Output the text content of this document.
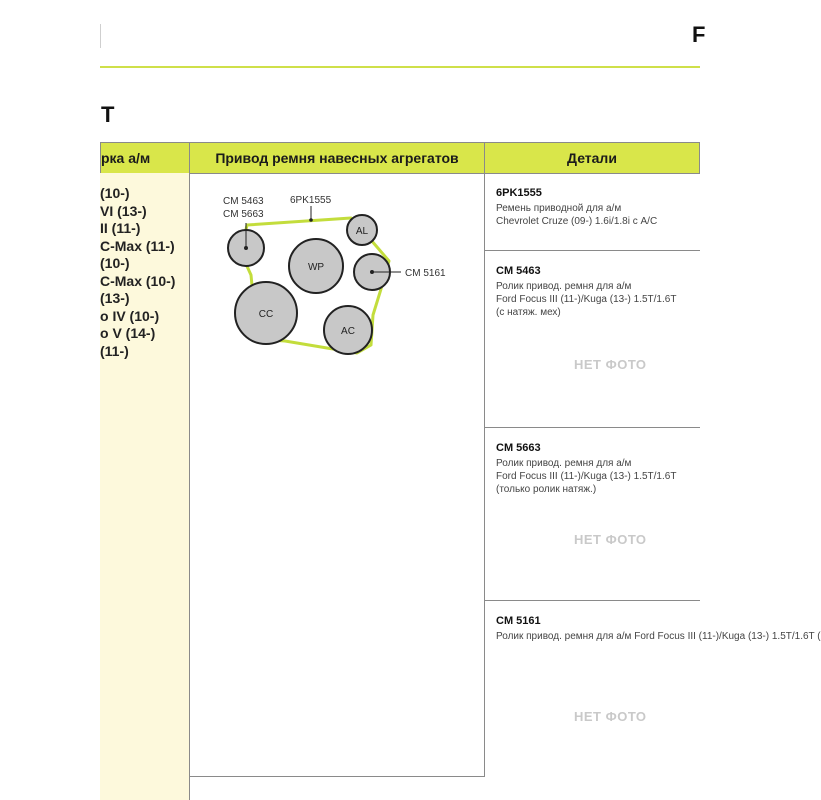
F
T
рка а/м	Привод ремня навесных агрегатов	Детали
(10-)
VI (13-)
II (11-)
C-Max (11-)
(10-)
C-Max (10-)
(13-)
o IV (10-)
o V (14-)
(11-)
AL
WP
CC
AC
CM 5463
CM 5663
6PK1555
CM 5161
6PK1555
Ремень приводной для а/м
Chevrolet Cruze (09-) 1.6i/1.8i с A/C
CM 5463
Ролик привод. ремня для а/м
Ford Focus III (11-)/Kuga (13-) 1.5T/1.6T
(с натяж. мех)
НЕТ ФОТО
CM 5663
Ролик привод. ремня для а/м
Ford Focus III (11-)/Kuga (13-) 1.5T/1.6T
(только ролик натяж.)
НЕТ ФОТО
CM 5161
Ролик привод. ремня для а/м Ford Focus III (11-)/Kuga (13-) 1.5T/1.6T (
НЕТ ФОТО
